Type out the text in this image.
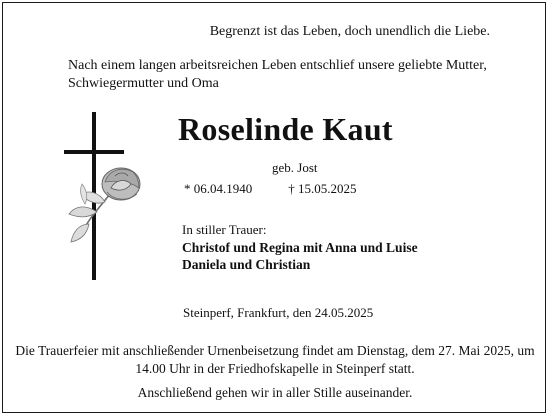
Begrenzt ist das Leben, doch unendlich die Liebe.
Nach einem langen arbeitsreichen Leben entschlief unsere geliebte Mutter, Schwiegermutter und Oma
Roselinde Kaut
geb. Jost
* 06.04.1940	† 15.05.2025
In stiller Trauer:
Christof und Regina mit Anna und Luise
Daniela und Christian
Steinperf, Frankfurt, den 24.05.2025
Die Trauerfeier mit anschließender Urnenbeisetzung findet am Dienstag, dem 27. Mai 2025, um 14.00 Uhr in der Friedhofskapelle in Steinperf statt.
Anschließend gehen wir in aller Stille auseinander.
